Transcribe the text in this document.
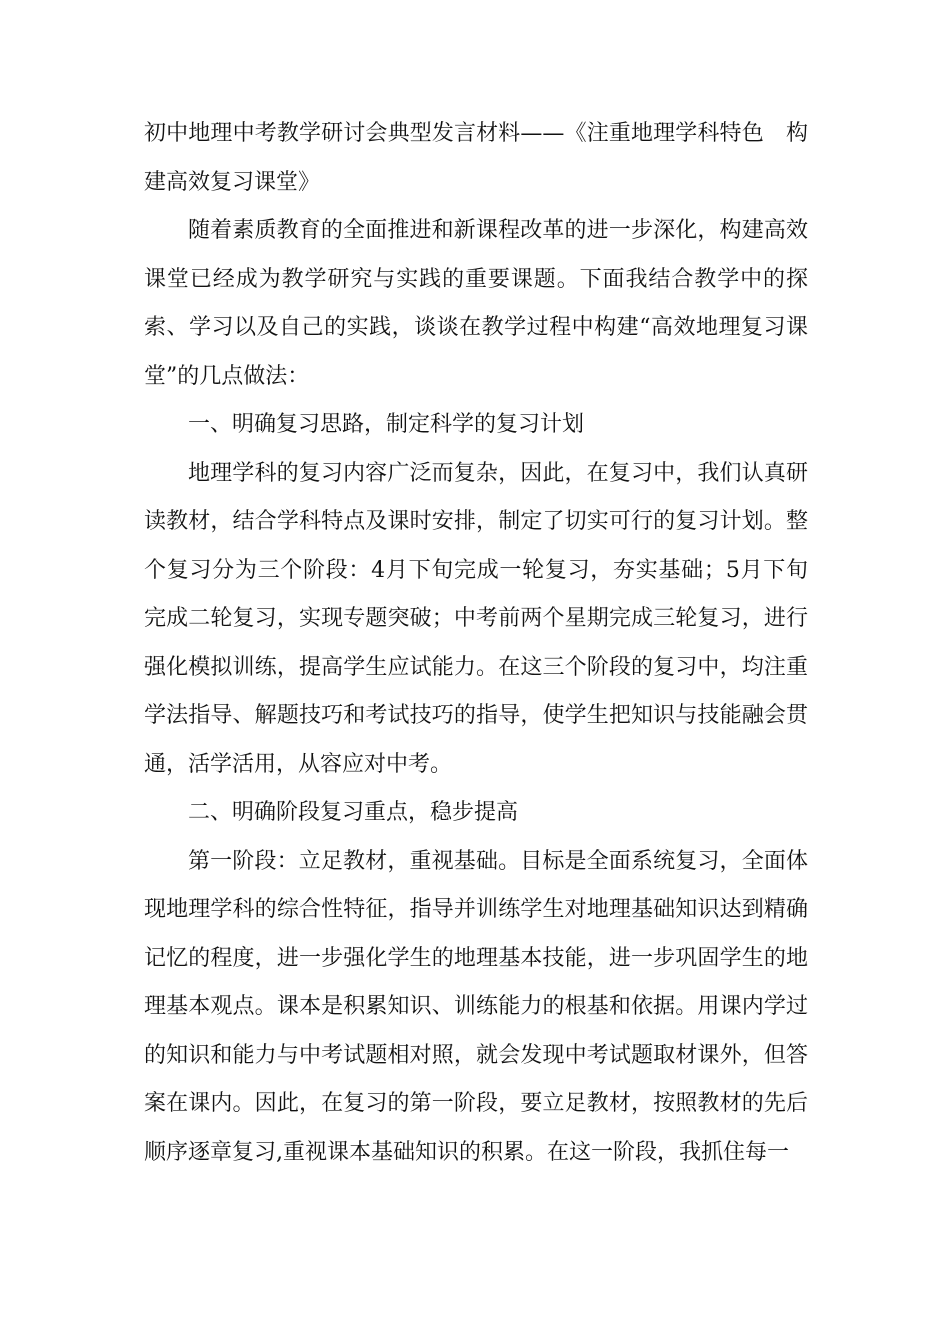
初中地理中考教学研讨会典型发言材料——《注重地理学科特色　构建高效复习课堂》

随着素质教育的全面推进和新课程改革的进一步深化，构建高效课堂已经成为教学研究与实践的重要课题。下面我结合教学中的探索、学习以及自己的实践，谈谈在教学过程中构建“高效地理复习课堂”的几点做法：

一、明确复习思路，制定科学的复习计划

地理学科的复习内容广泛而复杂，因此，在复习中，我们认真研读教材，结合学科特点及课时安排，制定了切实可行的复习计划。整个复习分为三个阶段：4月下旬完成一轮复习，夯实基础；5月下旬完成二轮复习，实现专题突破；中考前两个星期完成三轮复习，进行强化模拟训练，提高学生应试能力。在这三个阶段的复习中，均注重学法指导、解题技巧和考试技巧的指导，使学生把知识与技能融会贯通，活学活用，从容应对中考。

二、明确阶段复习重点，稳步提高

第一阶段：立足教材，重视基础。目标是全面系统复习，全面体现地理学科的综合性特征，指导并训练学生对地理基础知识达到精确记忆的程度，进一步强化学生的地理基本技能，进一步巩固学生的地理基本观点。课本是积累知识、训练能力的根基和依据。用课内学过的知识和能力与中考试题相对照，就会发现中考试题取材课外，但答案在课内。因此，在复习的第一阶段，要立足教材，按照教材的先后顺序逐章复习,重视课本基础知识的积累。在这一阶段，我抓住每一
